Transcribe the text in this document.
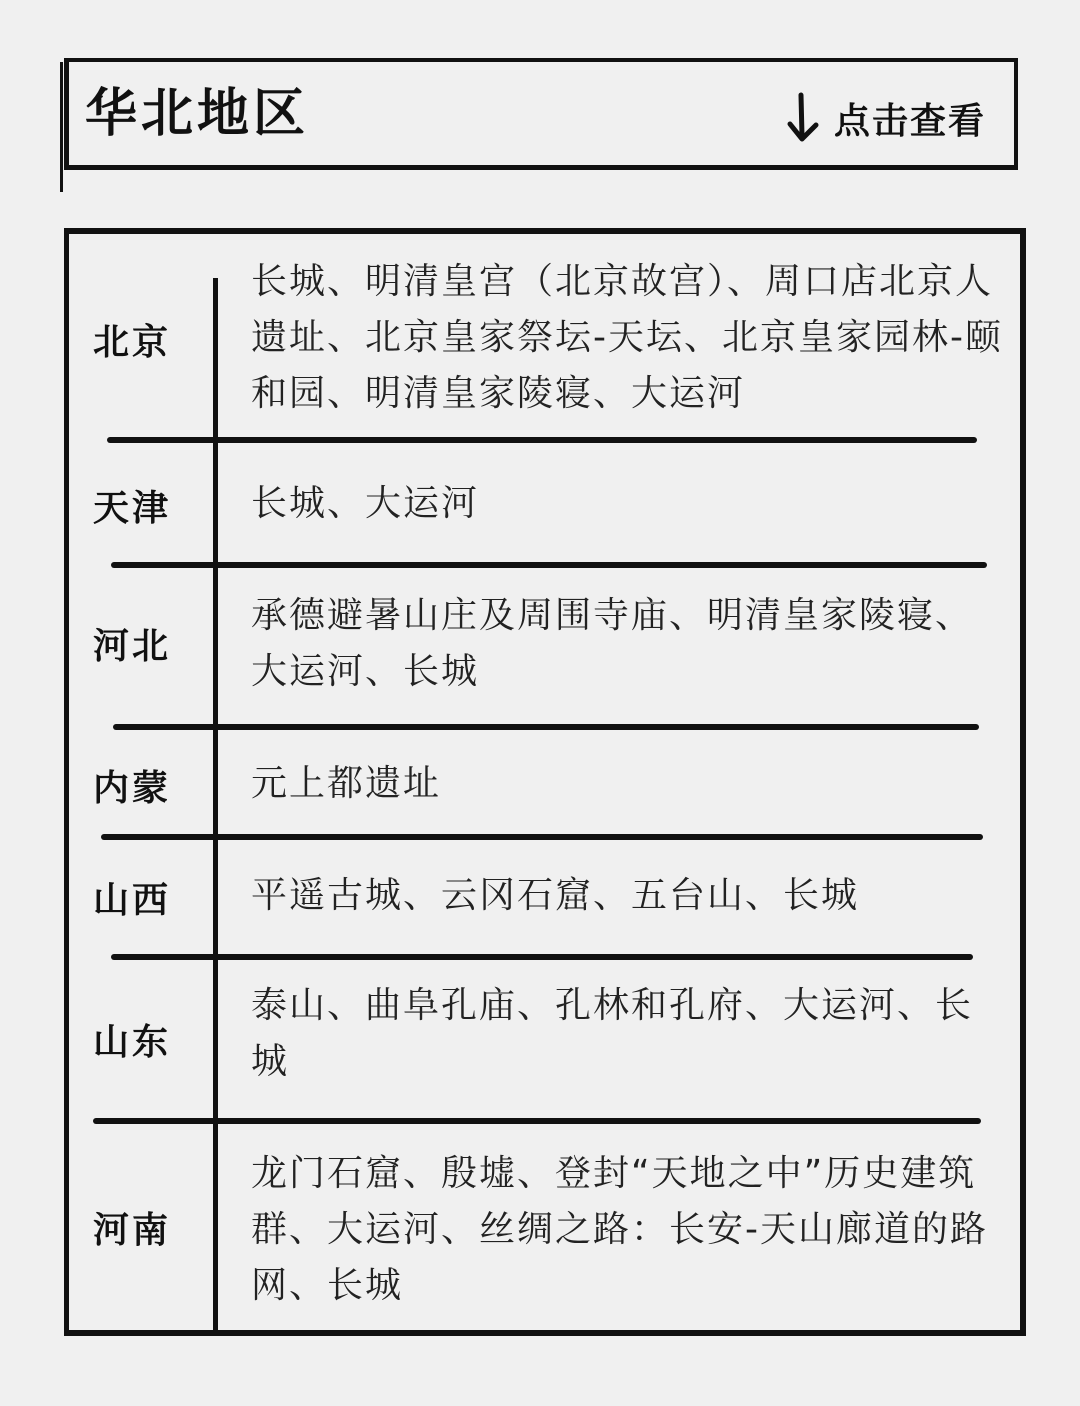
华北地区	点击查看
北京
长城、明清皇宫（北京故宫）、周口店北京人遗址、北京皇家祭坛-天坛、北京皇家园林-颐和园、明清皇家陵寝、大运河
天津 长城、大运河
河北
承德避暑山庄及周围寺庙、明清皇家陵寝、大运河、长城
内蒙 元上都遗址
山西 平遥古城、云冈石窟、五台山、长城
山东
泰山、曲阜孔庙、孔林和孔府、大运河、长城
河南
龙门石窟、殷墟、登封“天地之中”历史建筑群、大运河、丝绸之路：长安-天山廊道的路网、长城
